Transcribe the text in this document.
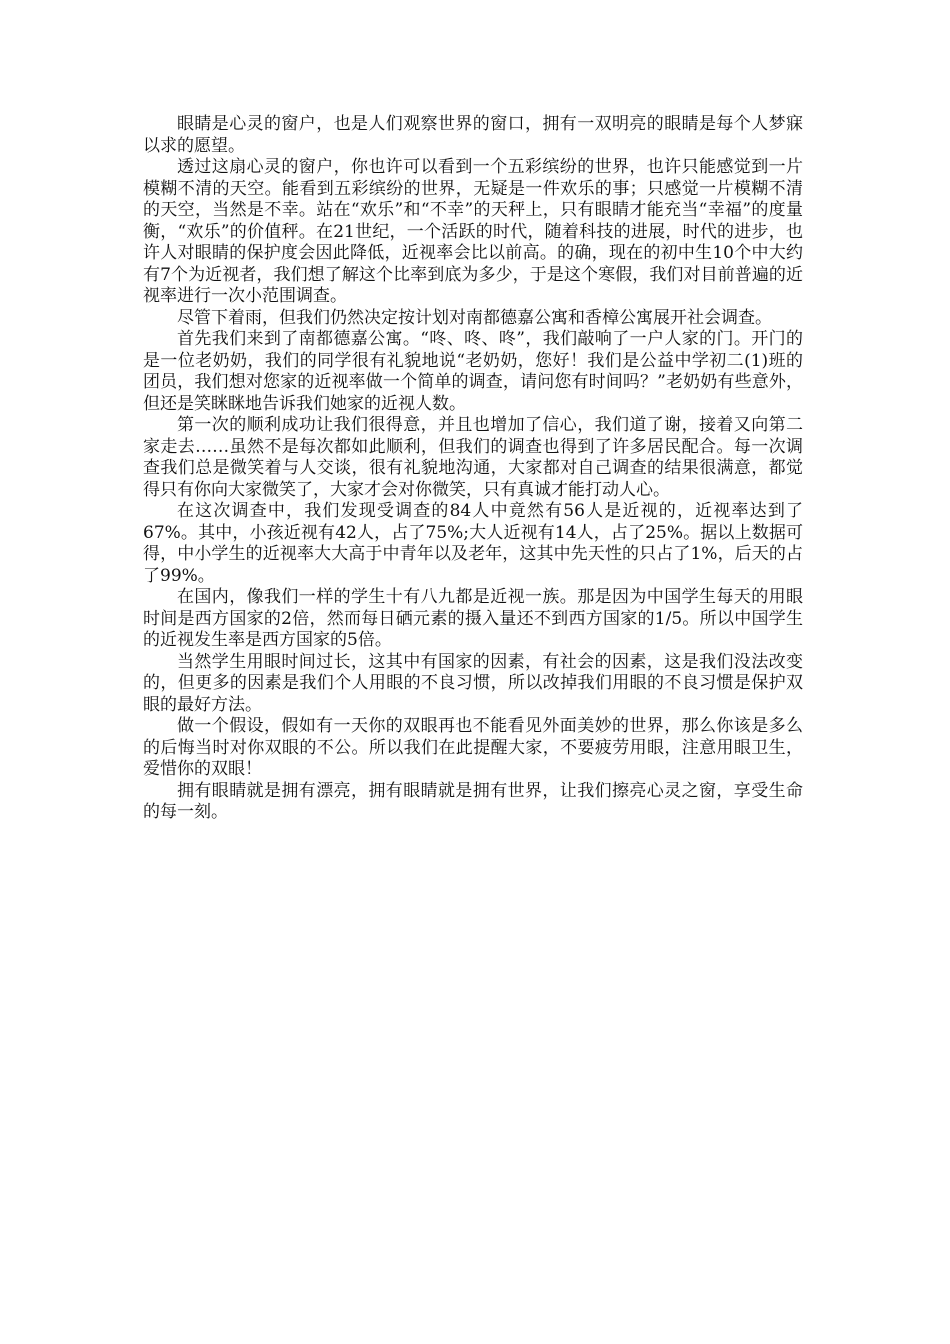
眼睛是心灵的窗户，也是人们观察世界的窗口，拥有一双明亮的眼睛是每个人梦寐以求的愿望。

透过这扇心灵的窗户，你也许可以看到一个五彩缤纷的世界，也许只能感觉到一片模糊不清的天空。能看到五彩缤纷的世界，无疑是一件欢乐的事；只感觉一片模糊不清的天空，当然是不幸。站在“欢乐”和“不幸”的天秤上，只有眼睛才能充当“幸福”的度量衡，“欢乐”的价值秤。在21世纪，一个活跃的时代，随着科技的进展，时代的进步，也许人对眼睛的保护度会因此降低，近视率会比以前高。的确，现在的初中生10个中大约有7个为近视者，我们想了解这个比率到底为多少，于是这个寒假，我们对目前普遍的近视率进行一次小范围调查。

尽管下着雨，但我们仍然决定按计划对南都德嘉公寓和香樟公寓展开社会调查。

首先我们来到了南都德嘉公寓。“咚、咚、咚”，我们敲响了一户人家的门。开门的是一位老奶奶，我们的同学很有礼貌地说“老奶奶，您好！我们是公益中学初二(1)班的团员，我们想对您家的近视率做一个简单的调查，请问您有时间吗？”老奶奶有些意外，但还是笑眯眯地告诉我们她家的近视人数。

第一次的顺利成功让我们很得意，并且也增加了信心，我们道了谢，接着又向第二家走去……虽然不是每次都如此顺利，但我们的调查也得到了许多居民配合。每一次调查我们总是微笑着与人交谈，很有礼貌地沟通，大家都对自己调查的结果很满意，都觉得只有你向大家微笑了，大家才会对你微笑，只有真诚才能打动人心。

在这次调查中，我们发现受调查的84人中竟然有56人是近视的，近视率达到了67%。其中，小孩近视有42人，占了75%;大人近视有14人，占了25%。据以上数据可得，中小学生的近视率大大高于中青年以及老年，这其中先天性的只占了1%，后天的占了99%。

在国内，像我们一样的学生十有八九都是近视一族。那是因为中国学生每天的用眼时间是西方国家的2倍，然而每日硒元素的摄入量还不到西方国家的1/5。所以中国学生的近视发生率是西方国家的5倍。

当然学生用眼时间过长，这其中有国家的因素，有社会的因素，这是我们没法改变的，但更多的因素是我们个人用眼的不良习惯，所以改掉我们用眼的不良习惯是保护双眼的最好方法。

做一个假设，假如有一天你的双眼再也不能看见外面美妙的世界，那么你该是多么的后悔当时对你双眼的不公。所以我们在此提醒大家，不要疲劳用眼，注意用眼卫生，爱惜你的双眼！

拥有眼睛就是拥有漂亮，拥有眼睛就是拥有世界，让我们擦亮心灵之窗，享受生命的每一刻。
